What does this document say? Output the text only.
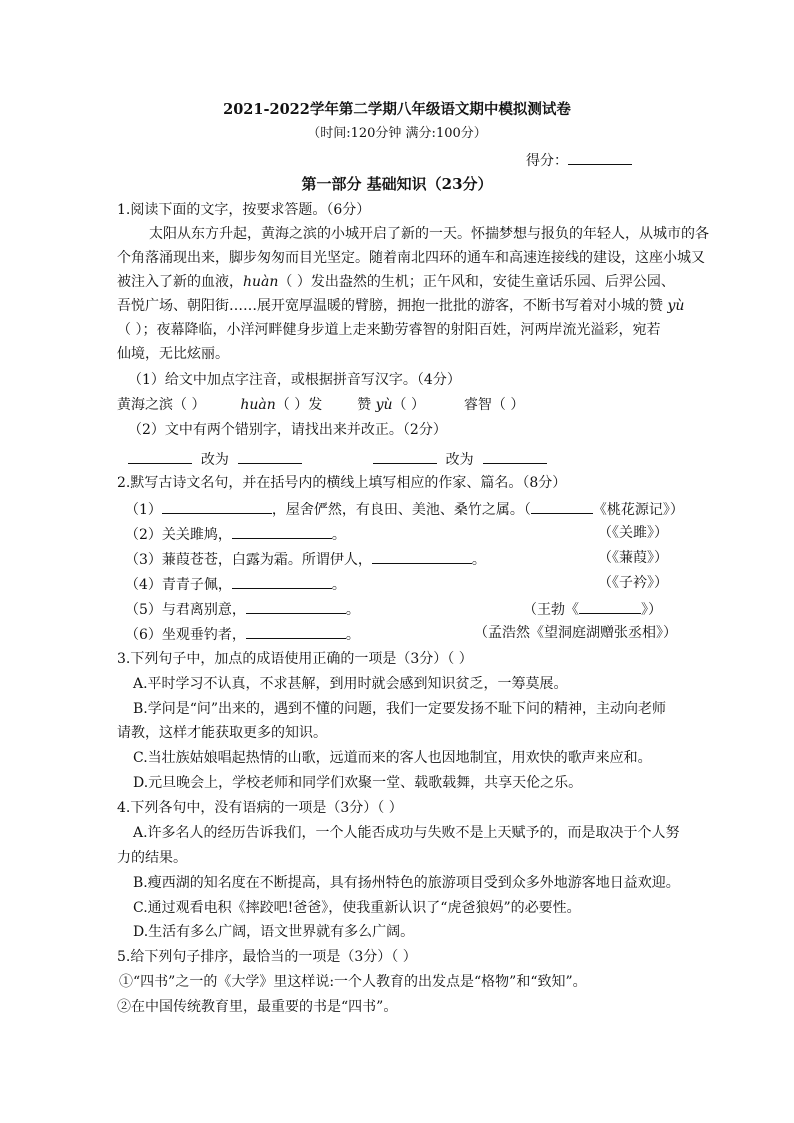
2021-2022学年第二学期八年级语文期中模拟测试卷
（时间:120分钟 满分:100分）
得分：
第一部分 基础知识（23分）
1.阅读下面的文字，按要求答题。（6分）
太阳从东方升起，黄海之滨的小城开启了新的一天。怀揣梦想与报负的年轻人，从城市的各
个角落涌现出来，脚步匆匆而目光坚定。随着南北四环的通车和高速连接线的建设，这座小城又
被注入了新的血液，huàn（ ）发出盎然的生机；正午风和，安徒生童话乐园、后羿公园、
吾悦广场、朝阳街……展开宽厚温暖的臂膀，拥抱一批批的游客，不断书写着对小城的赞 yù
（ ）；夜幕降临，小洋河畔健身步道上走来勤劳睿智的射阳百姓，河两岸流光溢彩，宛若
仙境，无比炫丽。
（1）给文中加点字注音，或根据拼音写汉字。（4分）
黄海之滨（ ） huàn（ ）发 赞 yù（ ）	睿智（ ）
（2）文中有两个错别字，请找出来并改正。（2分）
改为	改为
2.默写古诗文名句，并在括号内的横线上填写相应的作家、篇名。（8分）
（1）	，屋舍俨然，有良田、美池、桑竹之属。（	《桃花源记》）
（2）关关雎鸠，	。	（《关雎》）
（3）蒹葭苍苍，白露为霜。所谓伊人，	。	（《蒹葭》）
（4）青青子佩，	。	（《子衿》）
（5）与君离别意，	。	（王勃《	》）
（6）坐观垂钓者，	。	（孟浩然《望洞庭湖赠张丞相》）
3.下列句子中，加点的成语使用正确的一项是（3分）（ ）
A.平时学习不认真，不求甚解，到用时就会感到知识贫乏，一筹莫展。
B.学问是“问”出来的，遇到不懂的问题，我们一定要发扬不耻下问的精神，主动向老师
请教，这样才能获取更多的知识。
C.当壮族姑娘唱起热情的山歌，远道而来的客人也因地制宜，用欢快的歌声来应和。
D.元旦晚会上，学校老师和同学们欢聚一堂、载歌载舞，共享天伦之乐。
4.下列各句中，没有语病的一项是（3分）（ ）
A.许多名人的经历告诉我们，一个人能否成功与失败不是上天赋予的，而是取决于个人努
力的结果。
B.瘦西湖的知名度在不断提高，具有扬州特色的旅游项目受到众多外地游客地日益欢迎。
C.通过观看电积《摔跤吧!爸爸》，使我重新认识了“虎爸狼妈”的必要性。
D.生活有多么广阔，语文世界就有多么广阔。
5.给下列句子排序，最恰当的一项是（3分）（ ）
①“四书”之一的《大学》里这样说:一个人教育的出发点是“格物”和“致知”。
②在中国传统教育里，最重要的书是“四书”。
